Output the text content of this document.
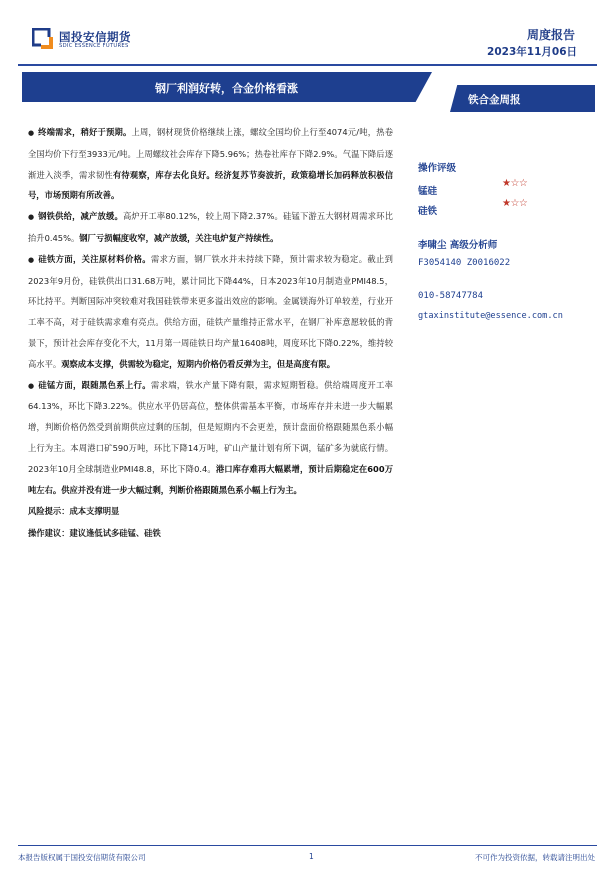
国投安信期货
SDIC ESSENCE FUTURES
周度报告
2023年11月06日
钢厂利润好转，合金价格看涨
铁合金周报

● 终端需求，稍好于预期。上周，钢材现货价格继续上涨，螺纹全国均价上行至4074元/吨，热卷全国均价下行至3933元/吨。上周螺纹社会库存下降5.96%；热卷社库存下降2.9%。气温下降后逐渐进入淡季，需求韧性有待观察，库存去化良好。经济复苏节奏波折，政策稳增长加码释放积极信号，市场预期有所改善。

● 钢铁供给，减产放缓。高炉开工率80.12%，较上周下降2.37%。硅锰下游五大钢材周需求环比抬升0.45%。钢厂亏损幅度收窄，减产放缓，关注电炉复产持续性。

● 硅铁方面，关注原材料价格。需求方面，钢厂铁水并未持续下降，预计需求较为稳定。截止到2023年9月份，硅铁供出口31.68万吨，累计同比下降44%，日本2023年10月制造业PMI48.5，环比持平。判断国际冲突较难对我国硅铁带来更多溢出效应的影响。金属镁海外订单较差，行业开工率不高，对于硅铁需求难有亮点。供给方面，硅铁产量维持正常水平，在钢厂补库意愿较低的背景下，预计社会库存变化不大，11月第一周硅铁日均产量16408吨，周度环比下降0.22%，维持较高水平。观察成本支撑，供需较为稳定，短期内价格仍看反弹为主，但是高度有限。

● 硅锰方面，跟随黑色系上行。需求端，铁水产量下降有限，需求短期暂稳。供给端周度开工率64.13%，环比下降3.22%。供应水平仍居高位，整体供需基本平衡，市场库存并未进一步大幅累增，判断价格仍然受到前期供应过剩的压制，但是短期内不会更差，预计盘面价格跟随黑色系小幅上行为主。本周港口矿590万吨，环比下降14万吨，矿山产量计划有所下调，锰矿多为就底行情。2023年10月全球制造业PMI48.8，环比下降0.4。港口库存难再大幅累增，预计后期稳定在600万吨左右。供应并没有进一步大幅过剩，判断价格跟随黑色系小幅上行为主。

风险提示：成本支撑明显

操作建议：建议逢低试多硅锰、硅铁

操作评级
锰硅
★☆☆
硅铁
★☆☆
李啸尘 高级分析师
F3054140 Z0016022
010-58747784
gtaxinstitute@essence.com.cn
本报告版权属于国投安信期货有限公司	1	不可作为投资依据，转载请注明出处
